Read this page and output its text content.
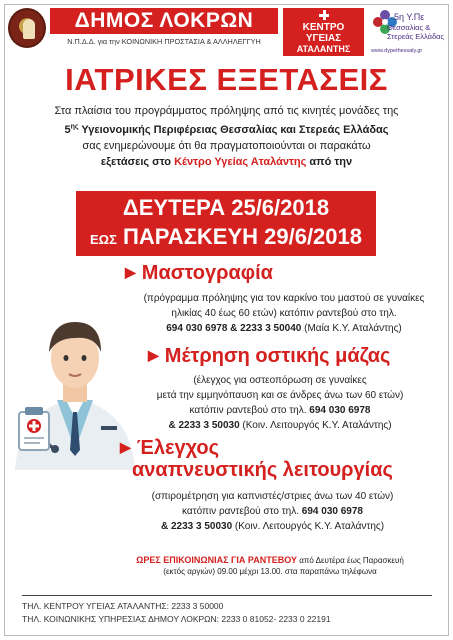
ΔΗΜΟΣ ΛΟΚΡΩΝ
Ν.Π.Δ.Δ. για την ΚΟΙΝΩΝΙΚΗ ΠΡΟΣΤΑΣΙΑ & ΑΛΛΗΛΕΓΓΥΗ
ΚΕΝΤΡΟ
ΥΓΕΙΑΣ
ΑΤΑΛΑΝΤΗΣ
5η Υ.Πε
Θεσσαλίας &
Στερεάς Ελλάδας
www.dypethessaly.gr
ΙΑΤΡΙΚΕΣ ΕΞΕΤΑΣΕΙΣ
Στα πλαίσια του προγράμματος πρόληψης από τις κινητές μονάδες της
$5^{\eta\varsigma}$ Υγειονομικής Περιφέρειας Θεσσαλίας και Στερεάς Ελλάδας
σας ενημερώνουμε ότι θα πραγματοποιούνται οι παρακάτω
εξετάσεις στο Κέντρο Υγείας Αταλάντης από την
ΔΕΥΤΕΡΑ 25/6/2018
ΕΩΣ ΠΑΡΑΣΚΕΥΗ 29/6/2018
▶ Μαστογραφία
(πρόγραμμα πρόληψης για τον καρκίνο του μαστού σε γυναίκες
ηλικίας 40 έως 60 ετών) κατόπιν ραντεβού στο τηλ.
694 030 6978 & 2233 3 50040 (Μαία Κ.Υ. Αταλάντης)
▶ Μέτρηση οστικής μάζας
(έλεγχος για οστεοπόρωση σε γυναίκες
μετά την εμμηνόπαυση και σε άνδρες άνω των 60 ετών)
κατόπιν ραντεβού στο τηλ. 694 030 6978
& 2233 3 50030 (Κοιν. Λειτουργός Κ.Υ. Αταλάντης)
▶ Έλεγχος
αναπνευστικής λειτουργίας
(σπιρομέτρηση για καπνιστές/στριες άνω των 40 ετών)
κατόπιν ραντεβού στο τηλ. 694 030 6978
& 2233 3 50030 (Κοιν. Λειτουργός Κ.Υ. Αταλάντης)
ΩΡΕΣ ΕΠΙΚΟΙΝΩΝΙΑΣ ΓΙΑ ΡΑΝΤΕΒΟΥ από Δευτέρα έως Παρασκευή
(εκτός αργιών) 09.00 μέχρι 13.00. στα παραπάνω τηλέφωνα
ΤΗΛ. ΚΕΝΤΡΟΥ ΥΓΕΙΑΣ ΑΤΑΛΑΝΤΗΣ: 2233 3 50000
ΤΗΛ. ΚΟΙΝΩΝΙΚΗΣ ΥΠΗΡΕΣΙΑΣ ΔΗΜΟΥ ΛΟΚΡΩΝ: 2233 0 81052- 2233 0 22191
